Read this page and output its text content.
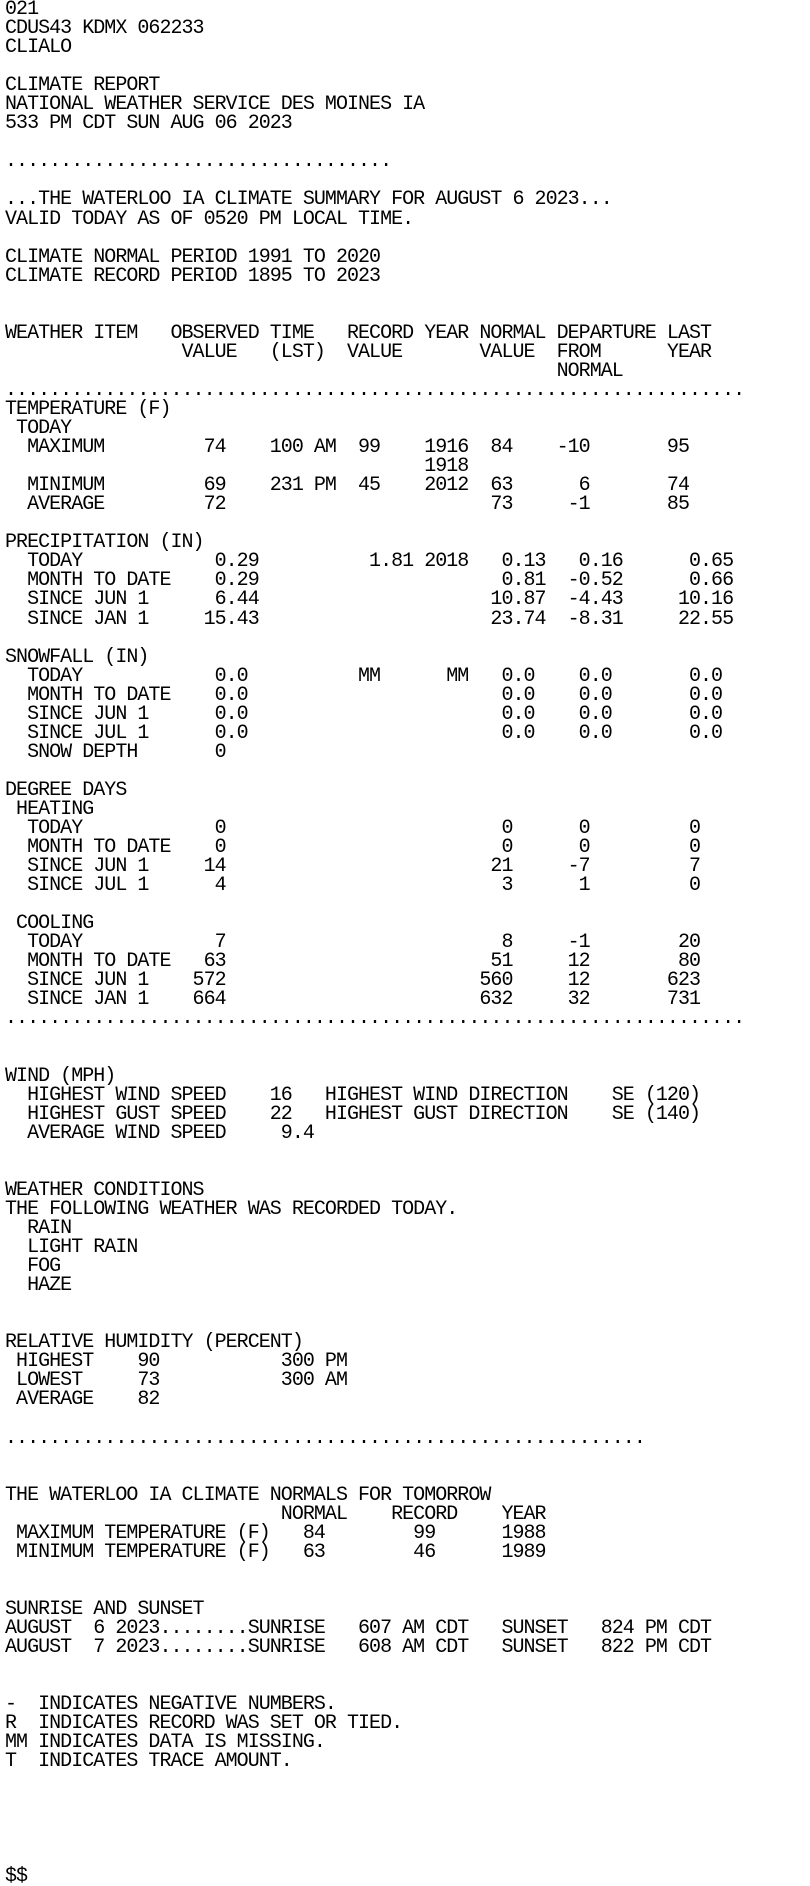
021
CDUS43 KDMX 062233
CLIALO

CLIMATE REPORT
NATIONAL WEATHER SERVICE DES MOINES IA
533 PM CDT SUN AUG 06 2023

...................................

...THE WATERLOO IA CLIMATE SUMMARY FOR AUGUST 6 2023...
VALID TODAY AS OF 0520 PM LOCAL TIME.

CLIMATE NORMAL PERIOD 1991 TO 2020
CLIMATE RECORD PERIOD 1895 TO 2023

WEATHER ITEM   OBSERVED TIME   RECORD YEAR NORMAL DEPARTURE LAST
VALUE   (LST)  VALUE       VALUE  FROM      YEAR
NORMAL
...................................................................
TEMPERATURE (F)
TODAY
MAXIMUM         74    100 AM  99    1916  84    -10       95
1918
MINIMUM         69    231 PM  45    2012  63      6       74
AVERAGE         72                        73     -1       85

PRECIPITATION (IN)
TODAY            0.29          1.81 2018   0.13   0.16      0.65
MONTH TO DATE    0.29                      0.81  -0.52      0.66
SINCE JUN 1      6.44                     10.87  -4.43     10.16
SINCE JAN 1     15.43                     23.74  -8.31     22.55

SNOWFALL (IN)
TODAY            0.0          MM      MM   0.0    0.0       0.0
MONTH TO DATE    0.0                       0.0    0.0       0.0
SINCE JUN 1      0.0                       0.0    0.0       0.0
SINCE JUL 1      0.0                       0.0    0.0       0.0
SNOW DEPTH       0

DEGREE DAYS
HEATING
TODAY            0                         0      0         0
MONTH TO DATE    0                         0      0         0
SINCE JUN 1     14                        21     -7         7
SINCE JUL 1      4                         3      1         0

COOLING
TODAY            7                         8     -1        20
MONTH TO DATE   63                        51     12        80
SINCE JUN 1    572                       560     12       623
SINCE JAN 1    664                       632     32       731
...................................................................

WIND (MPH)
HIGHEST WIND SPEED    16   HIGHEST WIND DIRECTION    SE (120)
HIGHEST GUST SPEED    22   HIGHEST GUST DIRECTION    SE (140)
AVERAGE WIND SPEED     9.4

WEATHER CONDITIONS
THE FOLLOWING WEATHER WAS RECORDED TODAY.
RAIN
LIGHT RAIN
FOG
HAZE

RELATIVE HUMIDITY (PERCENT)
HIGHEST    90           300 PM
LOWEST     73           300 AM
AVERAGE    82

..........................................................

THE WATERLOO IA CLIMATE NORMALS FOR TOMORROW
NORMAL    RECORD    YEAR
MAXIMUM TEMPERATURE (F)   84        99      1988
MINIMUM TEMPERATURE (F)   63        46      1989

SUNRISE AND SUNSET
AUGUST  6 2023........SUNRISE   607 AM CDT   SUNSET   824 PM CDT
AUGUST  7 2023........SUNRISE   608 AM CDT   SUNSET   822 PM CDT

-  INDICATES NEGATIVE NUMBERS.
R  INDICATES RECORD WAS SET OR TIED.
MM INDICATES DATA IS MISSING.
T  INDICATES TRACE AMOUNT.

$$
